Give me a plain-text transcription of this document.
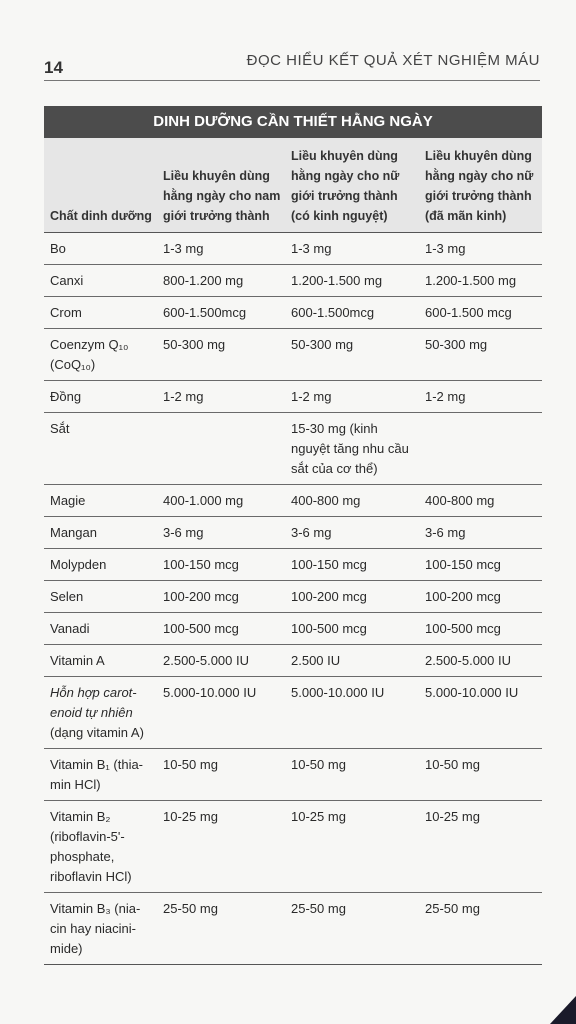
14	ĐỌC HIỂU KẾT QUẢ XÉT NGHIỆM MÁU
DINH DƯỠNG CẦN THIẾT HẰNG NGÀY
Chất dinh dưỡng	Liều khuyên dùng hằng ngày cho nam giới trưởng thành	Liều khuyên dùng hằng ngày cho nữ giới trưởng thành (có kinh nguyệt)	Liều khuyên dùng hằng ngày cho nữ giới trưởng thành (đã mãn kinh)
Bo	1-3 mg	1-3 mg	1-3 mg
Canxi	800-1.200 mg	1.200-1.500 mg	1.200-1.500 mg
Crom	600-1.500mcg	600-1.500mcg	600-1.500 mcg
Coenzym Q₁₀ (CoQ₁₀)	50-300 mg	50-300 mg	50-300 mg
Đồng	1-2 mg	1-2 mg	1-2 mg
Sắt		15-30 mg (kinh nguyệt tăng nhu cầu sắt của cơ thể)	
Magie	400-1.000 mg	400-800 mg	400-800 mg
Mangan	3-6 mg	3-6 mg	3-6 mg
Molypden	100-150 mcg	100-150 mcg	100-150 mcg
Selen	100-200 mcg	100-200 mcg	100-200 mcg
Vanadi	100-500 mcg	100-500 mcg	100-500 mcg
Vitamin A	2.500-5.000 IU	2.500 IU	2.500-5.000 IU
Hỗn hợp carot-enoid tự nhiên (dạng vitamin A)	5.000-10.000 IU	5.000-10.000 IU	5.000-10.000 IU
Vitamin B₁ (thia-min HCl)	10-50 mg	10-50 mg	10-50 mg
Vitamin B₂ (riboflavin-5'-phosphate, riboflavin HCl)	10-25 mg	10-25 mg	10-25 mg
Vitamin B₃ (nia-cin hay niacini-mide)	25-50 mg	25-50 mg	25-50 mg
